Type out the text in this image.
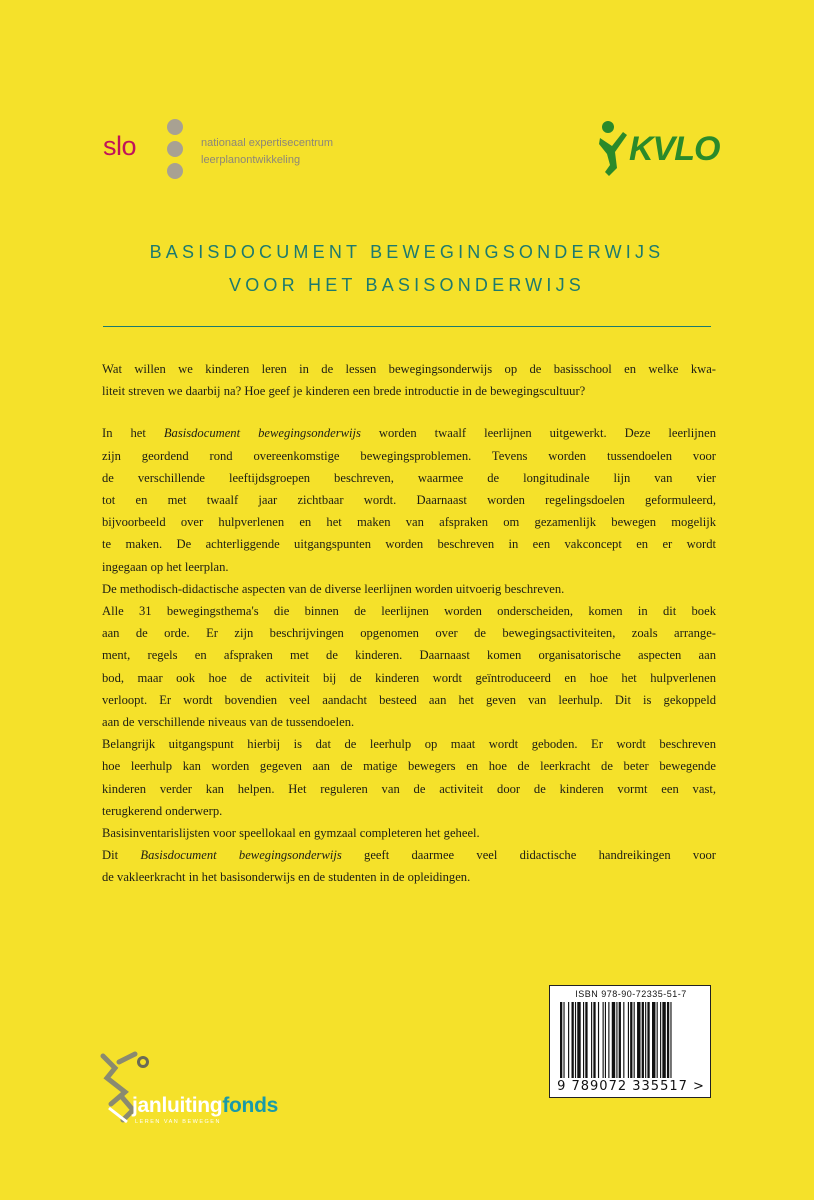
slo	nationaal expertisecentrum
leerplanontwikkeling	KVLO
BASISDOCUMENT BEWEGINGSONDERWIJS
VOOR HET BASISONDERWIJS

Wat willen we kinderen leren in de lessen bewegingsonderwijs op de basisschool en welke kwa-
liteit streven we daarbij na? Hoe geef je kinderen een brede introductie in de bewegingscultuur?

In het Basisdocument bewegingsonderwijs worden twaalf leerlijnen uitgewerkt. Deze leerlijnen
zijn geordend rond overeenkomstige bewegingsproblemen. Tevens worden tussendoelen voor
de verschillende leeftijdsgroepen beschreven, waarmee de longitudinale lijn van vier
tot en met twaalf jaar zichtbaar wordt. Daarnaast worden regelingsdoelen geformuleerd,
bijvoorbeeld over hulpverlenen en het maken van afspraken om gezamenlijk bewegen mogelijk
te maken. De achterliggende uitgangspunten worden beschreven in een vakconcept en er wordt
ingegaan op het leerplan.
De methodisch-didactische aspecten van de diverse leerlijnen worden uitvoerig beschreven.
Alle 31 bewegingsthema's die binnen de leerlijnen worden onderscheiden, komen in dit boek
aan de orde. Er zijn beschrijvingen opgenomen over de bewegingsactiviteiten, zoals arrange-
ment, regels en afspraken met de kinderen. Daarnaast komen organisatorische aspecten aan
bod, maar ook hoe de activiteit bij de kinderen wordt geïntroduceerd en hoe het hulpverlenen
verloopt. Er wordt bovendien veel aandacht besteed aan het geven van leerhulp. Dit is gekoppeld
aan de verschillende niveaus van de tussendoelen.
Belangrijk uitgangspunt hierbij is dat de leerhulp op maat wordt geboden. Er wordt beschreven
hoe leerhulp kan worden gegeven aan de matige bewegers en hoe de leerkracht de beter bewegende
kinderen verder kan helpen. Het reguleren van de activiteit door de kinderen vormt een vast,
terugkerend onderwerp.
Basisinventarislijsten voor speellokaal en gymzaal completeren het geheel.
Dit Basisdocument bewegingsonderwijs geeft daarmee veel didactische handreikingen voor
de vakleerkracht in het basisonderwijs en de studenten in de opleidingen.

ISBN 978-90-72335-51-7
9 789072 335517 >
janluitingfonds
LEREN VAN BEWEGEN
